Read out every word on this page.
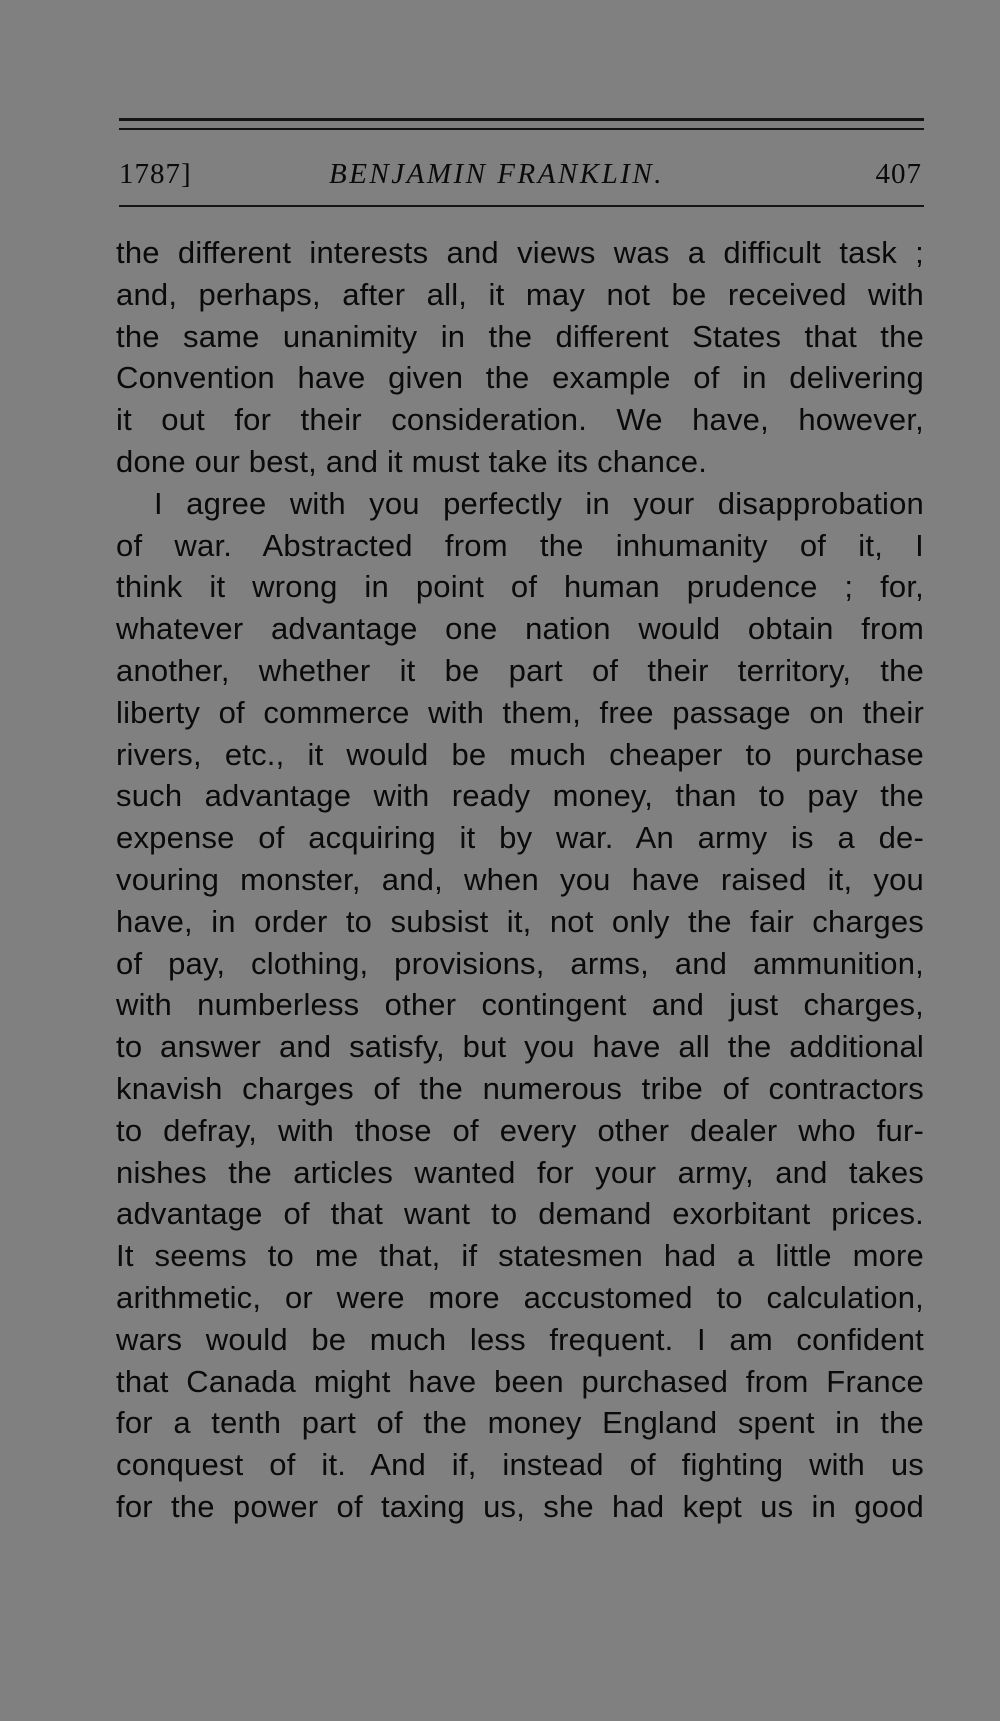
1787]	BENJAMIN FRANKLIN.	407
the different interests and views was a difficult task ;
and, perhaps, after all, it may not be received with
the same unanimity in the different States that the
Convention have given the example of in delivering
it out for their consideration. We have, however,
done our best, and it must take its chance.
I agree with you perfectly in your disapprobation
of war. Abstracted from the inhumanity of it, I
think it wrong in point of human prudence ; for,
whatever advantage one nation would obtain from
another, whether it be part of their territory, the
liberty of commerce with them, free passage on their
rivers, etc., it would be much cheaper to purchase
such advantage with ready money, than to pay the
expense of acquiring it by war. An army is a de-
vouring monster, and, when you have raised it, you
have, in order to subsist it, not only the fair charges
of pay, clothing, provisions, arms, and ammunition,
with numberless other contingent and just charges,
to answer and satisfy, but you have all the additional
knavish charges of the numerous tribe of contractors
to defray, with those of every other dealer who fur-
nishes the articles wanted for your army, and takes
advantage of that want to demand exorbitant prices.
It seems to me that, if statesmen had a little more
arithmetic, or were more accustomed to calculation,
wars would be much less frequent. I am confident
that Canada might have been purchased from France
for a tenth part of the money England spent in the
conquest of it. And if, instead of fighting with us
for the power of taxing us, she had kept us in good
